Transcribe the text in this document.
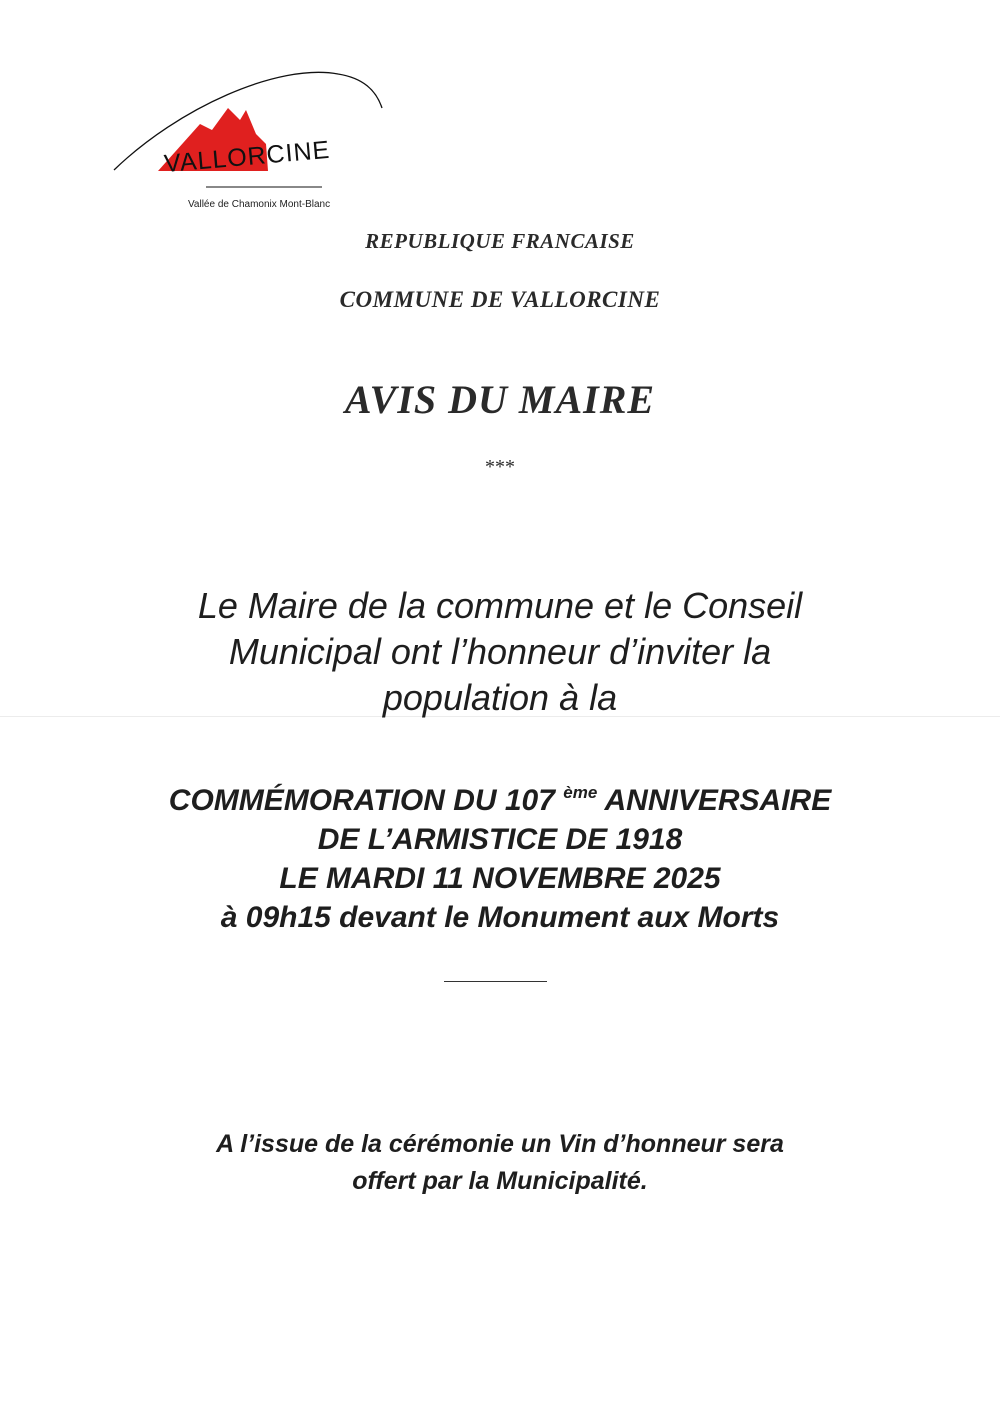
VALLORCINE
Vallée de Chamonix Mont-Blanc
REPUBLIQUE FRANCAISE
COMMUNE DE VALLORCINE
AVIS DU MAIRE
***
Le Maire de la commune et le Conseil
Municipal ont l’honneur d’inviter la
population à la
COMMÉMORATION DU 107 $^{ème}$ ANNIVERSAIRE
DE L’ARMISTICE DE 1918
LE MARDI 11 NOVEMBRE 2025
à 09h15 devant le Monument aux Morts
A l’issue de la cérémonie un Vin d’honneur sera
offert par la Municipalité.
